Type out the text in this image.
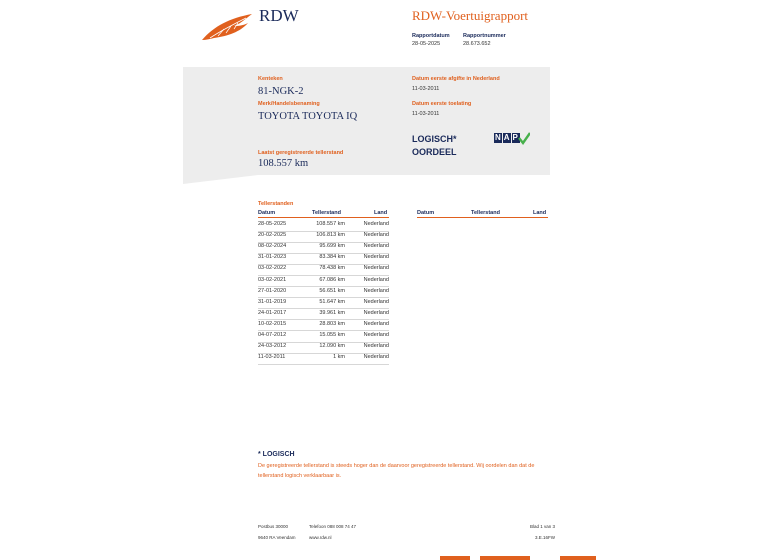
RDW	RDW-Voertuigrapport
Rapportdatum
28-05-2025
Rapportnummer
28.673.652
Kenteken
81-NGK-2
Merk/Handelsbenaming
TOYOTA TOYOTA IQ
Laatst geregistreerde tellerstand
108.557 km
Datum eerste afgifte in Nederland
11-03-2011
Datum eerste toelating
11-03-2011
LOGISCH*
OORDEEL
NAP
Tellerstanden
Datum	Tellerstand	Land	Datum	Tellerstand	Land
28-05-2025	108.557 km	Nederland
20-02-2025	106.813 km	Nederland
08-02-2024	95.699 km	Nederland
31-01-2023	83.384 km	Nederland
03-02-2022	78.438 km	Nederland
03-02-2021	67.086 km	Nederland
27-01-2020	56.651 km	Nederland
31-01-2019	51.647 km	Nederland
24-01-2017	39.961 km	Nederland
10-02-2015	28.803 km	Nederland
04-07-2012	15.055 km	Nederland
24-03-2012	12.090 km	Nederland
11-03-2011	1 km	Nederland
* LOGISCH
De geregistreerde tellerstand is steeds hoger dan de daarvoor geregistreerde tellerstand. Wij oordelen dan dat de tellerstand logisch verklaarbaar is.
Postbus 30000
9640 RA Veendam
Telefoon 088 008 74 47
www.rdw.nl
Blad 1 van 3
3.E.16FW
